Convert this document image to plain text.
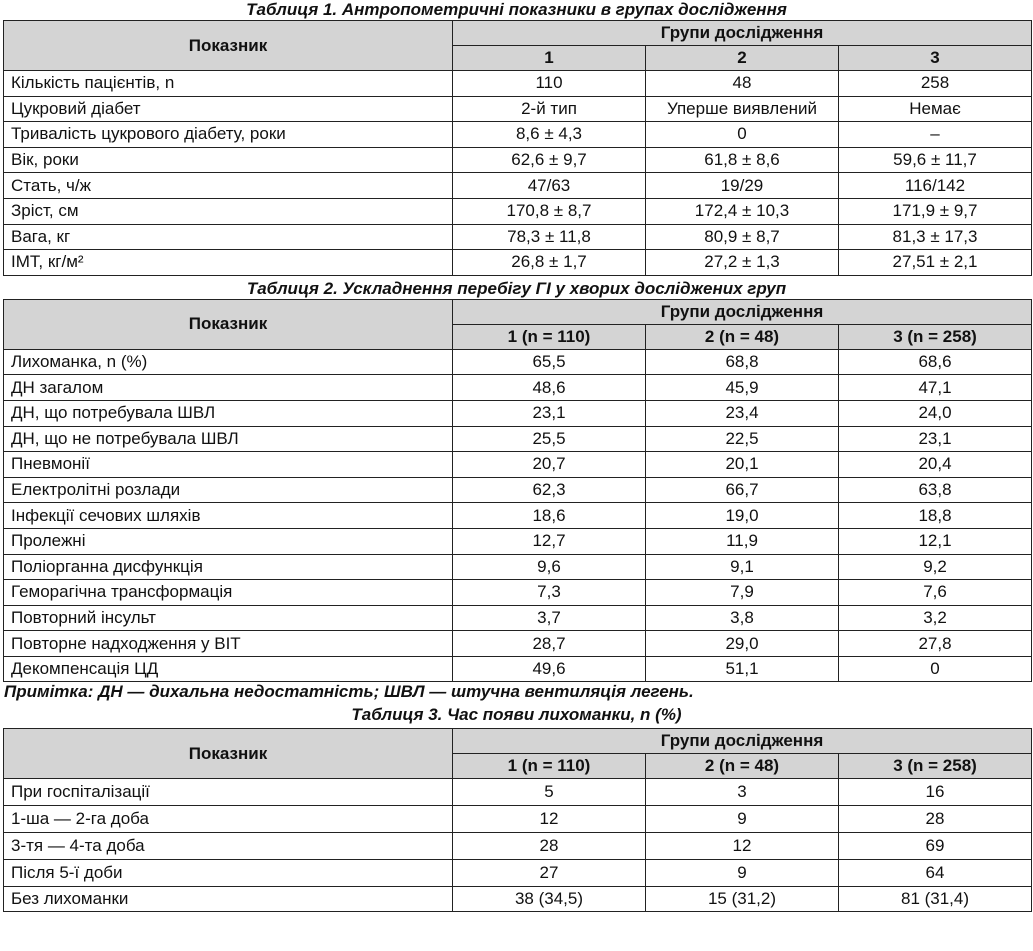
Таблиця 1. Антропометричні показники в групах дослідження
Показник	Групи дослідження		
	1	2	3
Кількість пацієнтів, n	110	48	258
Цукровий діабет	2-й тип	Уперше виявлений	Немає
Тривалість цукрового діабету, роки	8,6 ± 4,3	0	–
Вік, роки	62,6 ± 9,7	61,8 ± 8,6	59,6 ± 11,7
Стать, ч/ж	47/63	19/29	116/142
Зріст, см	170,8 ± 8,7	172,4 ± 10,3	171,9 ± 9,7
Вага, кг	78,3 ± 11,8	80,9 ± 8,7	81,3 ± 17,3
ІМТ, кг/м²	26,8 ± 1,7	27,2 ± 1,3	27,51 ± 2,1
Таблиця 2. Ускладнення перебігу ГІ у хворих досліджених груп
Показник	Групи дослідження		
	1 (n = 110)	2 (n = 48)	3 (n = 258)
Лихоманка, n (%)	65,5	68,8	68,6
ДН загалом	48,6	45,9	47,1
ДН, що потребувала ШВЛ	23,1	23,4	24,0
ДН, що не потребувала ШВЛ	25,5	22,5	23,1
Пневмонії	20,7	20,1	20,4
Електролітні розлади	62,3	66,7	63,8
Інфекції сечових шляхів	18,6	19,0	18,8
Пролежні	12,7	11,9	12,1
Поліорганна дисфункція	9,6	9,1	9,2
Геморагічна трансформація	7,3	7,9	7,6
Повторний інсульт	3,7	3,8	3,2
Повторне надходження у ВІТ	28,7	29,0	27,8
Декомпенсація ЦД	49,6	51,1	0
Примітка: ДН — дихальна недостатність; ШВЛ — штучна вентиляція легень.
Таблиця 3. Час появи лихоманки, n (%)
Показник	Групи дослідження		
	1 (n = 110)	2 (n = 48)	3 (n = 258)
При госпіталізації	5	3	16
1-ша — 2-га доба	12	9	28
3-тя — 4-та доба	28	12	69
Після 5-ї доби	27	9	64
Без лихоманки	38 (34,5)	15 (31,2)	81 (31,4)
